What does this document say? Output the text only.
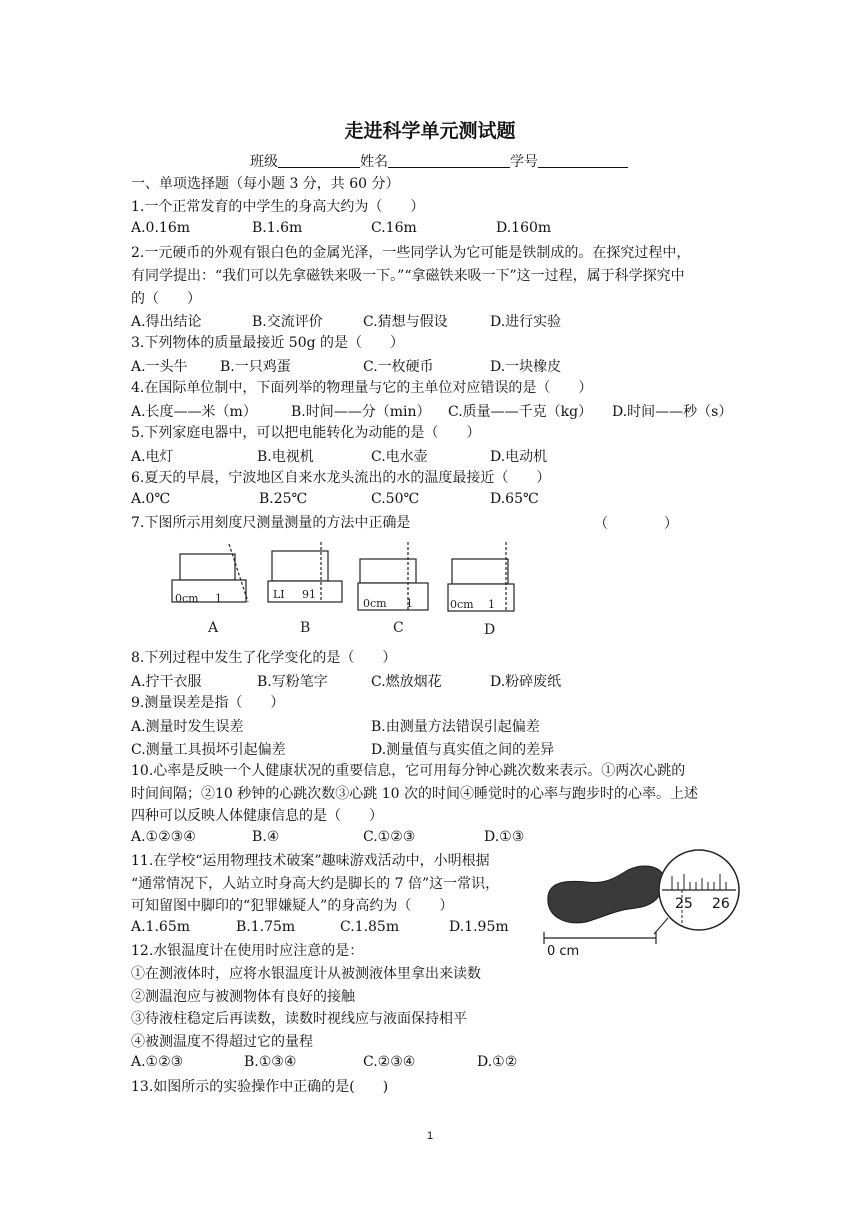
走进科学单元测试题
班级	姓名	学号
一、单项选择题（每小题 3 分，共 60 分）
1.一个正常发育的中学生的身高大约为（　　）
A.0.16m	B.1.6m	C.16m	D.160m
2.一元硬币的外观有银白色的金属光泽，一些同学认为它可能是铁制成的。在探究过程中，
有同学提出：“我们可以先拿磁铁来吸一下。”“拿磁铁来吸一下”这一过程，属于科学探究中
的（　　）
A.得出结论	B.交流评价	C.猜想与假设	D.进行实验
3.下列物体的质量最接近 50g 的是（　　）
A.一头牛 B.一只鸡蛋	C.一枚硬币	D.一块橡皮
4.在国际单位制中，下面列举的物理量与它的主单位对应错误的是（　　）
A.长度——米（m） B.时间——分（min） C.质量——千克（kg） D.时间——秒（s）
5.下列家庭电器中，可以把电能转化为动能的是（　　）
A.电灯	B.电视机	C.电水壶	D.电动机
6.夏天的早晨，宁波地区自来水龙头流出的水的温度最接近（　　）
A.0℃	B.25℃	C.50℃	D.65℃
7.下图所示用刻度尺测量测量的方法中正确是	（　　　　）
0cm 1
A
LI 91
B
0cm 1
C
0cm 1
D
8.下列过程中发生了化学变化的是（　　）
A.拧干衣服	B.写粉笔字	C.燃放烟花	D.粉碎废纸
9.测量误差是指（　　）
A.测量时发生误差	B.由测量方法错误引起偏差
C.测量工具损坏引起偏差	D.测量值与真实值之间的差异
10.心率是反映一个人健康状况的重要信息，它可用每分钟心跳次数来表示。①两次心跳的
时间间隔；②10 秒钟的心跳次数③心跳 10 次的时间④睡觉时的心率与跑步时的心率。上述
四种可以反映人体健康信息的是（　　）
A.①②③④	B.④	C.①②③	D.①③
11.在学校“运用物理技术破案”趣味游戏活动中，小明根据
“通常情况下，人站立时身高大约是脚长的 7 倍”这一常识，
可知留图中脚印的“犯罪嫌疑人”的身高约为（　　）
A.1.65m	B.1.75m	C.1.85m	D.1.95m
0 cm
25 26
12.水银温度计在使用时应注意的是：
①在测液体时，应将水银温度计从被测液体里拿出来读数
②测温泡应与被测物体有良好的接触
③待液柱稳定后再读数，读数时视线应与液面保持相平
④被测温度不得超过它的量程
A.①②③	B.①③④	C.②③④	D.①②
13.如图所示的实验操作中正确的是(　　)
1
